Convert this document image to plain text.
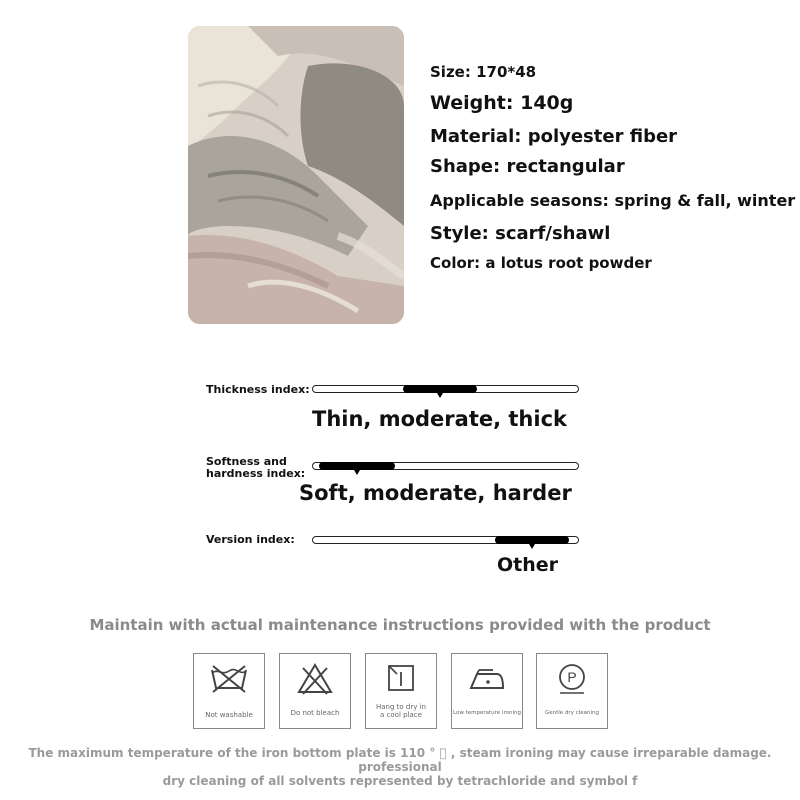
Size: 170*48
Weight: 140g
Material: polyester fiber
Shape: rectangular
Applicable seasons: spring & fall, winter
Style: scarf/shawl
Color: a lotus root powder
Thickness index:
Thin, moderate, thick
Softness and
hardness index:
Soft, moderate, harder
Version index:
Other
Maintain with actual maintenance instructions provided with the product
Not washable	Do not bleach
Hang to dry in
a cool place	Low temperature ironing
P
Gentle dry cleaning
The maximum temperature of the iron bottom plate is 110 ° ⃞ , steam ironing may cause irreparable damage. professional
dry cleaning of all solvents represented by tetrachloride and symbol f
